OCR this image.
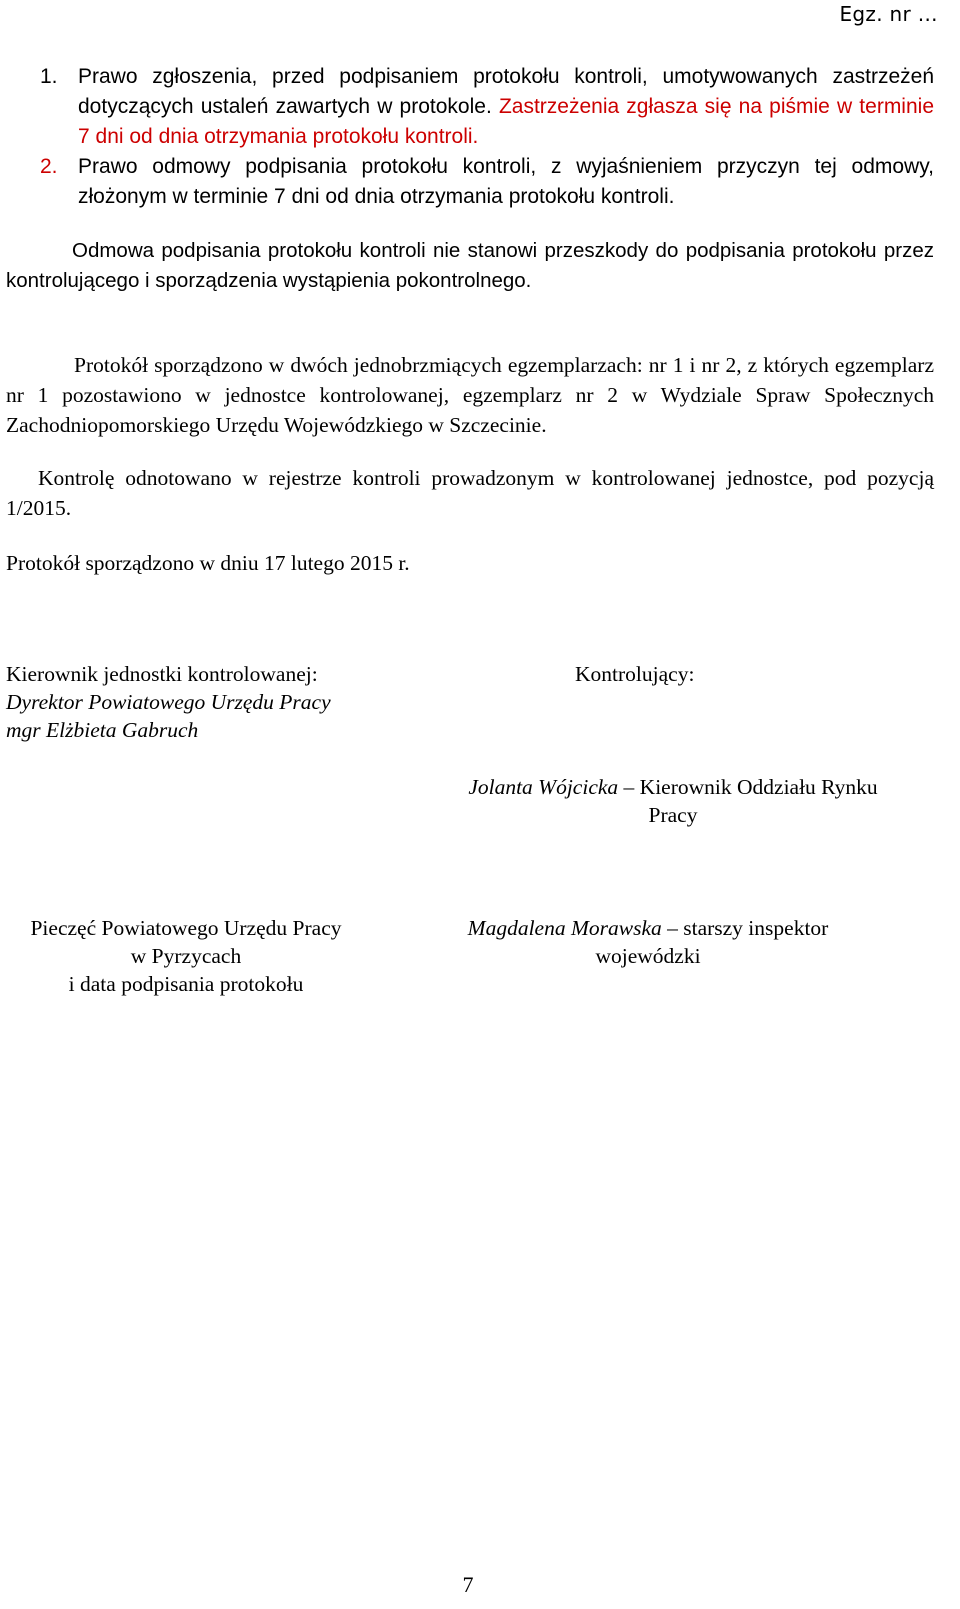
Egz. nr …
1. Prawo zgłoszenia, przed podpisaniem protokołu kontroli, umotywowanych zastrzeżeń dotyczących ustaleń zawartych w protokole. Zastrzeżenia zgłasza się na piśmie w terminie 7 dni od dnia otrzymania protokołu kontroli.
2. Prawo odmowy podpisania protokołu kontroli, z wyjaśnieniem przyczyn tej odmowy, złożonym w terminie 7 dni od dnia otrzymania protokołu kontroli.
Odmowa podpisania protokołu kontroli nie stanowi przeszkody do podpisania protokołu przez kontrolującego i sporządzenia wystąpienia pokontrolnego.
Protokół sporządzono w dwóch jednobrzmiących egzemplarzach: nr 1 i nr 2, z których egzemplarz nr 1 pozostawiono w jednostce kontrolowanej, egzemplarz nr 2 w Wydziale Spraw Społecznych Zachodniopomorskiego Urzędu Wojewódzkiego w Szczecinie.
Kontrolę odnotowano w rejestrze kontroli prowadzonym w kontrolowanej jednostce, pod pozycją 1/2015.
Protokół sporządzono w dniu 17 lutego 2015 r.
Kierownik jednostki kontrolowanej:
Dyrektor Powiatowego Urzędu Pracy
mgr Elżbieta Gabruch
Kontrolujący:
Jolanta Wójcicka – Kierownik Oddziału Rynku
Pracy
Pieczęć Powiatowego Urzędu Pracy
w Pyrzycach
i data podpisania protokołu
Magdalena Morawska – starszy inspektor
wojewódzki
7
